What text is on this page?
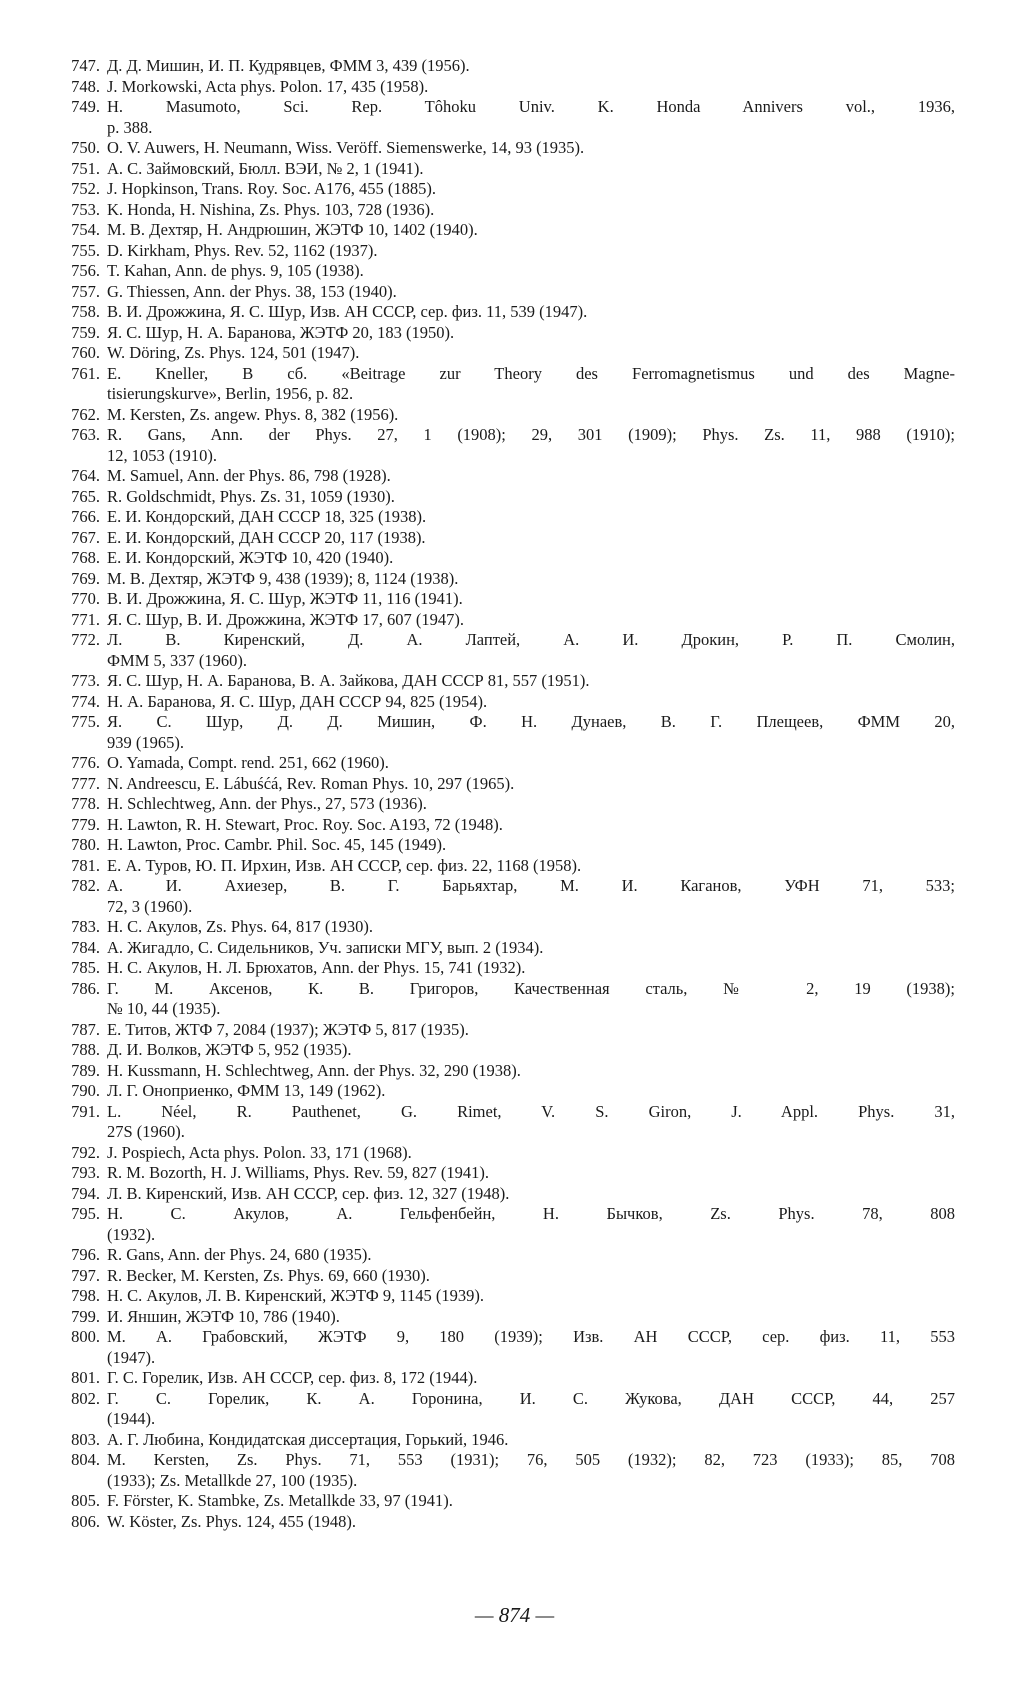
747. Д. Д. Мишин, И. П. Кудрявцев, ФММ 3, 439 (1956).
748. J. Morkowski, Acta phys. Polon. 17, 435 (1958).
749. H. Masumoto, Sci. Rep. Tôhoku Univ. K. Honda Annivers vol., 1936,
p. 388.
750. O. V. Auwers, H. Neumann, Wiss. Veröff. Siemenswerke, 14, 93 (1935).
751. А. С. Займовский, Бюлл. ВЭИ, № 2, 1 (1941).
752. J. Hopkinson, Trans. Roy. Soc. A176, 455 (1885).
753. K. Honda, H. Nishina, Zs. Phys. 103, 728 (1936).
754. М. В. Дехтяр, Н. Андрюшин, ЖЭТФ 10, 1402 (1940).
755. D. Kirkham, Phys. Rev. 52, 1162 (1937).
756. T. Kahan, Ann. de phys. 9, 105 (1938).
757. G. Thiessen, Ann. der Phys. 38, 153 (1940).
758. В. И. Дрожжина, Я. С. Шур, Изв. АН СССР, сер. физ. 11, 539 (1947).
759. Я. С. Шур, Н. А. Баранова, ЖЭТФ 20, 183 (1950).
760. W. Döring, Zs. Phys. 124, 501 (1947).
761. E. Kneller, В сб. «Beitrage zur Theory des Ferromagnetismus und des Magne-
tisierungskurve», Berlin, 1956, p. 82.
762. M. Kersten, Zs. angew. Phys. 8, 382 (1956).
763. R. Gans, Ann. der Phys. 27, 1 (1908); 29, 301 (1909); Phys. Zs. 11, 988 (1910);
12, 1053 (1910).
764. M. Samuel, Ann. der Phys. 86, 798 (1928).
765. R. Goldschmidt, Phys. Zs. 31, 1059 (1930).
766. Е. И. Кондорский, ДАН СССР 18, 325 (1938).
767. Е. И. Кондорский, ДАН СССР 20, 117 (1938).
768. Е. И. Кондорский, ЖЭТФ 10, 420 (1940).
769. М. В. Дехтяр, ЖЭТФ 9, 438 (1939); 8, 1124 (1938).
770. В. И. Дрожжина, Я. С. Шур, ЖЭТФ 11, 116 (1941).
771. Я. С. Шур, В. И. Дрожжина, ЖЭТФ 17, 607 (1947).
772. Л. В. Киренский, Д. А. Лаптей, А. И. Дрокин, Р. П. Смолин,
ФММ 5, 337 (1960).
773. Я. С. Шур, Н. А. Баранова, В. А. Зайкова, ДАН СССР 81, 557 (1951).
774. Н. А. Баранова, Я. С. Шур, ДАН СССР 94, 825 (1954).
775. Я. С. Шур, Д. Д. Мишин, Ф. Н. Дунаев, В. Г. Плещеев, ФММ 20,
939 (1965).
776. O. Yamada, Compt. rend. 251, 662 (1960).
777. N. Andreescu, E. Lábuśćá, Rev. Roman Phys. 10, 297 (1965).
778. H. Schlechtweg, Ann. der Phys., 27, 573 (1936).
779. H. Lawton, R. H. Stewart, Proc. Roy. Soc. A193, 72 (1948).
780. H. Lawton, Proc. Cambr. Phil. Soc. 45, 145 (1949).
781. Е. А. Туров, Ю. П. Ирхин, Изв. АН СССР, сер. физ. 22, 1168 (1958).
782. А. И. Ахиезер, В. Г. Барьяхтар, М. И. Каганов, УФН 71, 533;
72, 3 (1960).
783. Н. С. Акулов, Zs. Phys. 64, 817 (1930).
784. А. Жигадло, С. Сидельников, Уч. записки МГУ, вып. 2 (1934).
785. Н. С. Акулов, Н. Л. Брюхатов, Ann. der Phys. 15, 741 (1932).
786. Г. М. Аксенов, К. В. Григоров, Качественная сталь, № 2, 19 (1938);
№ 10, 44 (1935).
787. Е. Титов, ЖТФ 7, 2084 (1937); ЖЭТФ 5, 817 (1935).
788. Д. И. Волков, ЖЭТФ 5, 952 (1935).
789. H. Kussmann, H. Schlechtweg, Ann. der Phys. 32, 290 (1938).
790. Л. Г. Оноприенко, ФММ 13, 149 (1962).
791. L. Néel, R. Pauthenet, G. Rimet, V. S. Giron, J. Appl. Phys. 31,
27S (1960).
792. J. Pospiech, Acta phys. Polon. 33, 171 (1968).
793. R. M. Bozorth, H. J. Williams, Phys. Rev. 59, 827 (1941).
794. Л. В. Киренский, Изв. АН СССР, сер. физ. 12, 327 (1948).
795. Н. С. Акулов, А. Гельфенбейн, Н. Бычков, Zs. Phys. 78, 808
(1932).
796. R. Gans, Ann. der Phys. 24, 680 (1935).
797. R. Becker, M. Kersten, Zs. Phys. 69, 660 (1930).
798. Н. С. Акулов, Л. В. Киренский, ЖЭТФ 9, 1145 (1939).
799. И. Яншин, ЖЭТФ 10, 786 (1940).
800. М. А. Грабовский, ЖЭТФ 9, 180 (1939); Изв. АН СССР, сер. физ. 11, 553
(1947).
801. Г. С. Горелик, Изв. АН СССР, сер. физ. 8, 172 (1944).
802. Г. С. Горелик, К. А. Горонина, И. С. Жукова, ДАН СССР, 44, 257
(1944).
803. А. Г. Любина, Кондидатская диссертация, Горький, 1946.
804. M. Kersten, Zs. Phys. 71, 553 (1931); 76, 505 (1932); 82, 723 (1933); 85, 708
(1933); Zs. Metallkde 27, 100 (1935).
805. F. Förster, K. Stambke, Zs. Metallkde 33, 97 (1941).
806. W. Köster, Zs. Phys. 124, 455 (1948).
— 874 —
